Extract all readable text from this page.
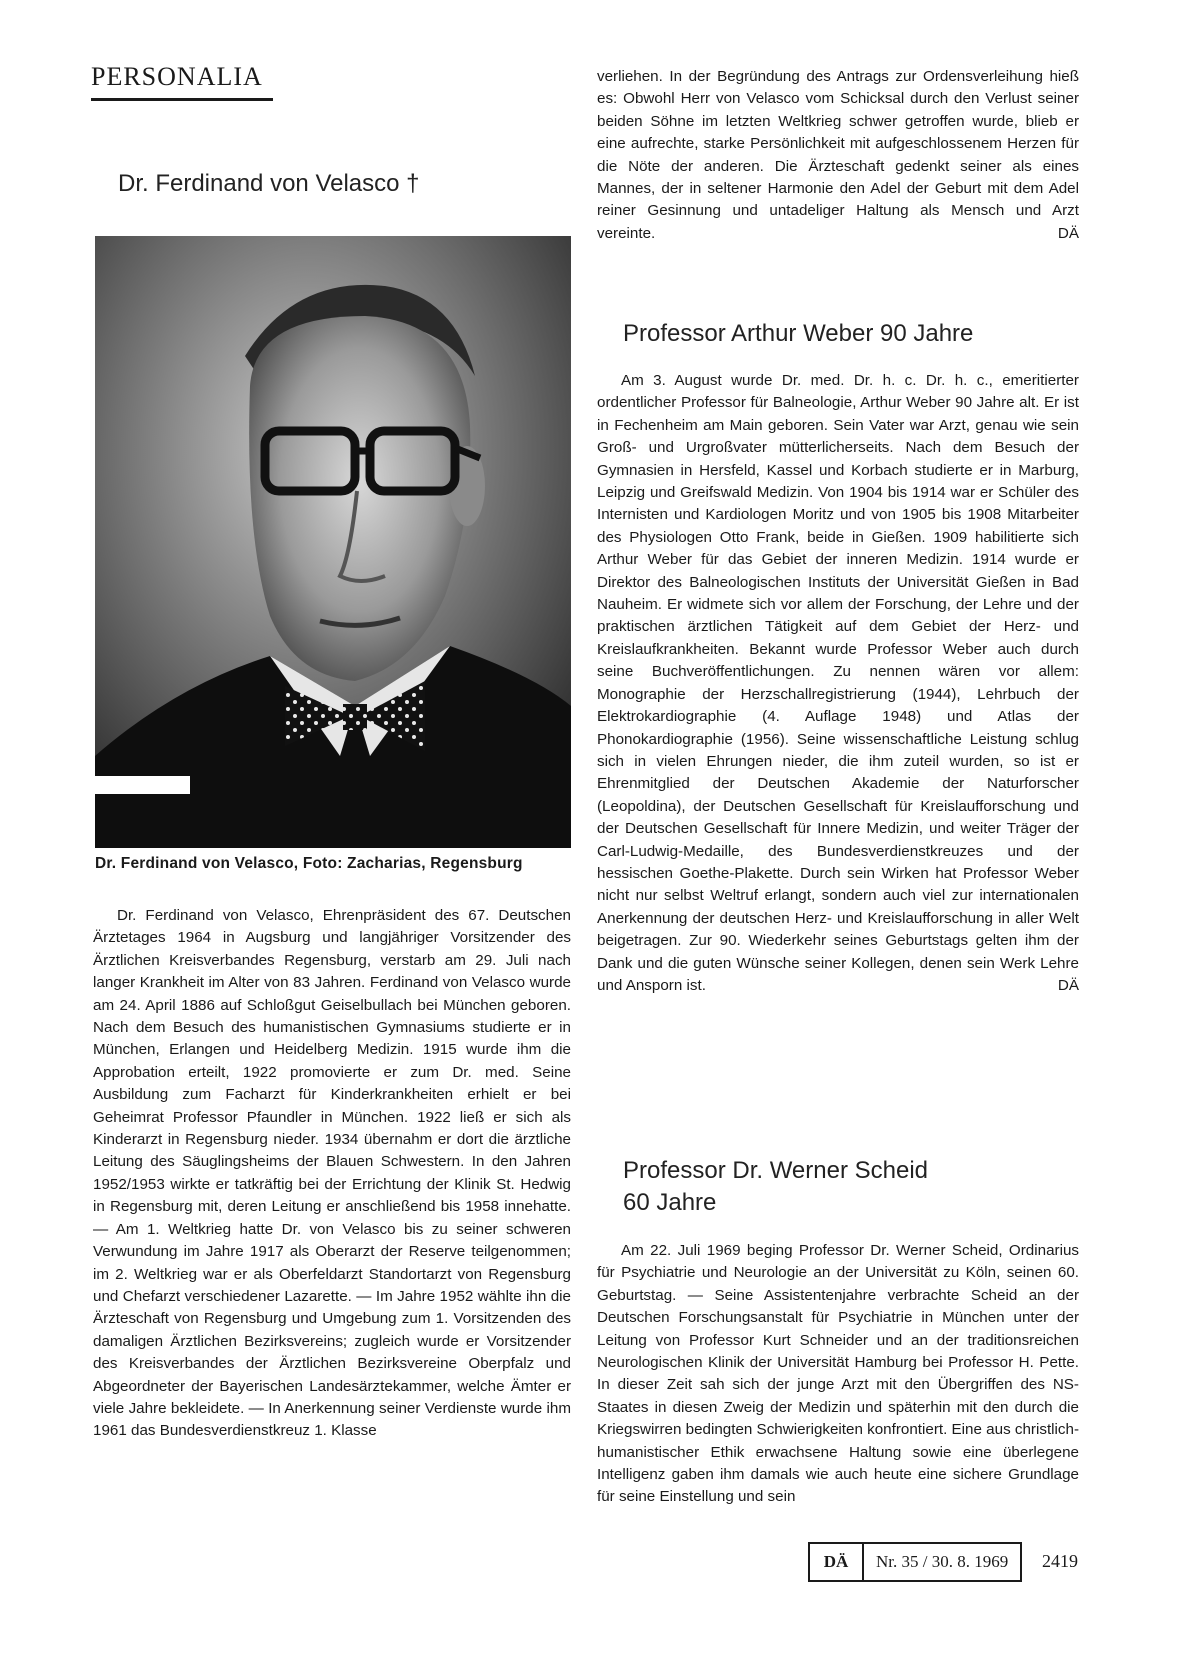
PERSONALIA
Dr. Ferdinand von Velasco †
Dr. Ferdinand von Velasco, Foto: Zacharias, Regensburg

Dr. Ferdinand von Velasco, Ehrenpräsident des 67. Deutschen Ärztetages 1964 in Augsburg und langjähriger Vorsitzender des Ärztlichen Kreisverbandes Regensburg, verstarb am 29. Juli nach langer Krankheit im Alter von 83 Jahren. Ferdinand von Velasco wurde am 24. April 1886 auf Schloßgut Geiselbullach bei München geboren. Nach dem Besuch des humanistischen Gymnasiums studierte er in München, Erlangen und Heidelberg Medizin. 1915 wurde ihm die Approbation erteilt, 1922 promovierte er zum Dr. med. Seine Ausbildung zum Facharzt für Kinderkrankheiten erhielt er bei Geheimrat Professor Pfaundler in München. 1922 ließ er sich als Kinderarzt in Regensburg nieder. 1934 übernahm er dort die ärztliche Leitung des Säuglingsheims der Blauen Schwestern. In den Jahren 1952/1953 wirkte er tatkräftig bei der Errichtung der Klinik St. Hedwig in Regensburg mit, deren Leitung er anschließend bis 1958 innehatte. — Am 1. Weltkrieg hatte Dr. von Velasco bis zu seiner schweren Verwundung im Jahre 1917 als Oberarzt der Reserve teilgenommen; im 2. Weltkrieg war er als Oberfeldarzt Standortarzt von Regensburg und Chefarzt verschiedener Lazarette. — Im Jahre 1952 wählte ihn die Ärzteschaft von Regensburg und Umgebung zum 1. Vorsitzenden des damaligen Ärztlichen Bezirksvereins; zugleich wurde er Vorsitzender des Kreisverbandes der Ärztlichen Bezirksvereine Oberpfalz und Abgeordneter der Bayerischen Landesärztekammer, welche Ämter er viele Jahre bekleidete. — In Anerkennung seiner Verdienste wurde ihm 1961 das Bundesverdienstkreuz 1. Klasse

verliehen. In der Begründung des Antrags zur Ordensverleihung hieß es: Obwohl Herr von Velasco vom Schicksal durch den Verlust seiner beiden Söhne im letzten Weltkrieg schwer getroffen wurde, blieb er eine aufrechte, starke Persönlichkeit mit aufgeschlossenem Herzen für die Nöte der anderen. Die Ärzteschaft gedenkt seiner als eines Mannes, der in seltener Harmonie den Adel der Geburt mit dem Adel reiner Gesinnung und untadeliger Haltung als Mensch und Arzt vereinte.	DÄ

Professor Arthur Weber 90 Jahre

Am 3. August wurde Dr. med. Dr. h. c. Dr. h. c., emeritierter ordentlicher Professor für Balneologie, Arthur Weber 90 Jahre alt. Er ist in Fechenheim am Main geboren. Sein Vater war Arzt, genau wie sein Groß- und Urgroßvater mütterlicherseits. Nach dem Besuch der Gymnasien in Hersfeld, Kassel und Korbach studierte er in Marburg, Leipzig und Greifswald Medizin. Von 1904 bis 1914 war er Schüler des Internisten und Kardiologen Moritz und von 1905 bis 1908 Mitarbeiter des Physiologen Otto Frank, beide in Gießen. 1909 habilitierte sich Arthur Weber für das Gebiet der inneren Medizin. 1914 wurde er Direktor des Balneologischen Instituts der Universität Gießen in Bad Nauheim. Er widmete sich vor allem der Forschung, der Lehre und der praktischen ärztlichen Tätigkeit auf dem Gebiet der Herz- und Kreislaufkrankheiten. Bekannt wurde Professor Weber auch durch seine Buchveröffentlichungen. Zu nennen wären vor allem: Monographie der Herzschallregistrierung (1944), Lehrbuch der Elektrokardiographie (4. Auflage 1948) und Atlas der Phonokardiographie (1956). Seine wissenschaftliche Leistung schlug sich in vielen Ehrungen nieder, die ihm zuteil wurden, so ist er Ehrenmitglied der Deutschen Akademie der Naturforscher (Leopoldina), der Deutschen Gesellschaft für Kreislaufforschung und der Deutschen Gesellschaft für Innere Medizin, und weiter Träger der Carl-Ludwig-Medaille, des Bundesverdienstkreuzes und der hessischen Goethe-Plakette. Durch sein Wirken hat Professor Weber nicht nur selbst Weltruf erlangt, sondern auch viel zur internationalen Anerkennung der deutschen Herz- und Kreislaufforschung in aller Welt beigetragen. Zur 90. Wiederkehr seines Geburtstags gelten ihm der Dank und die guten Wünsche seiner Kollegen, denen sein Werk Lehre und Ansporn ist.	DÄ

Professor Dr. Werner Scheid
60 Jahre

Am 22. Juli 1969 beging Professor Dr. Werner Scheid, Ordinarius für Psychiatrie und Neurologie an der Universität zu Köln, seinen 60. Geburtstag. — Seine Assistentenjahre verbrachte Scheid an der Deutschen Forschungsanstalt für Psychiatrie in München unter der Leitung von Professor Kurt Schneider und an der traditionsreichen Neurologischen Klinik der Universität Hamburg bei Professor H. Pette. In dieser Zeit sah sich der junge Arzt mit den Übergriffen des NS-Staates in diesen Zweig der Medizin und späterhin mit den durch die Kriegswirren bedingten Schwierigkeiten konfrontiert. Eine aus christlich-humanistischer Ethik erwachsene Haltung sowie eine überlegene Intelligenz gaben ihm damals wie auch heute eine sichere Grundlage für seine Einstellung und sein

DÄ	Nr. 35 / 30. 8. 1969	2419
